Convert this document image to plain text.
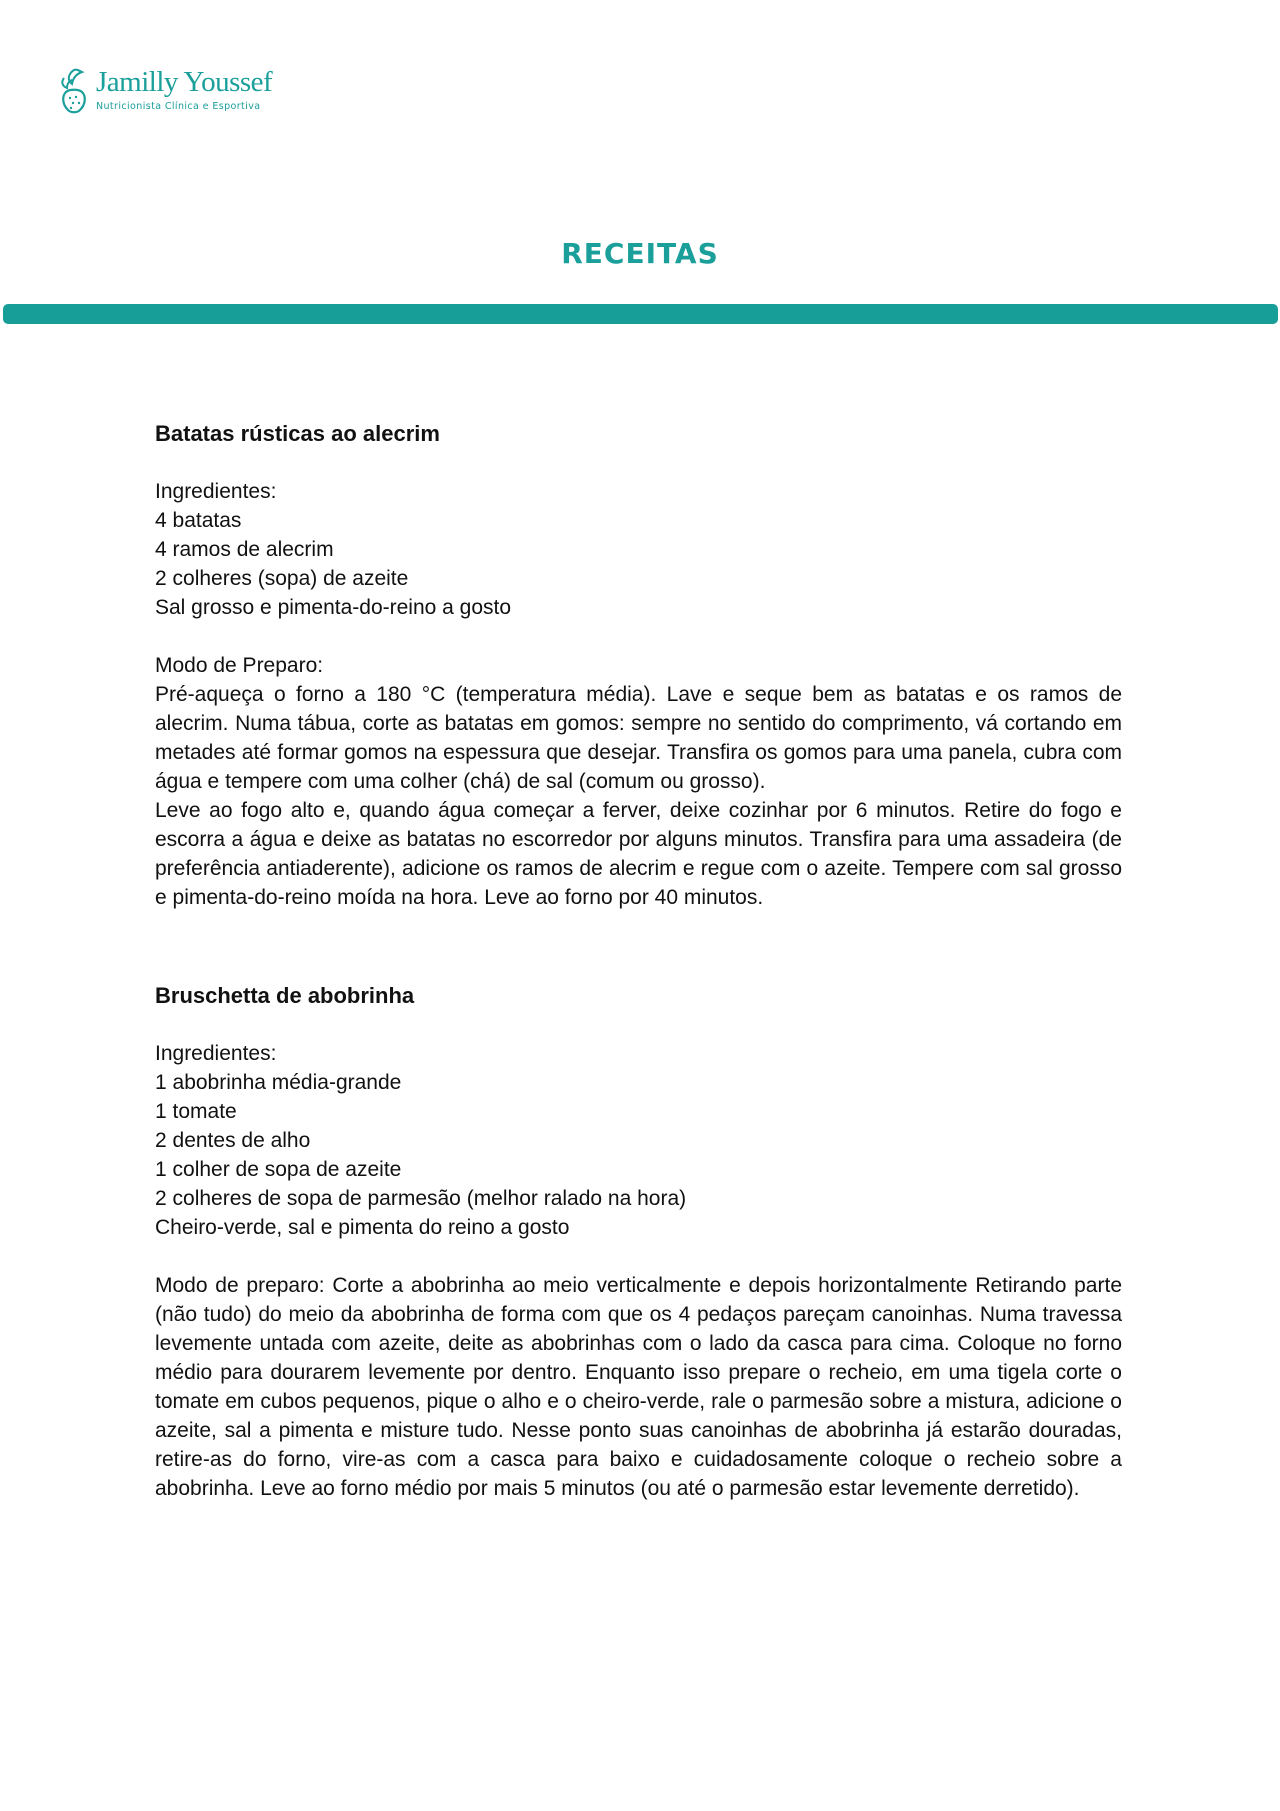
Jamilly Youssef
Nutricionista Clínica e Esportiva
RECEITAS
Batatas rústicas ao alecrim

Ingredientes:

4 batatas
4 ramos de alecrim
2 colheres (sopa) de azeite
Sal grosso e pimenta-do-reino a gosto

Modo de Preparo:

Pré-aqueça o forno a 180 °C (temperatura média). Lave e seque bem as batatas e os ramos de alecrim. Numa tábua, corte as batatas em gomos: sempre no sentido do comprimento, vá cortando em metades até formar gomos na espessura que desejar. Transfira os gomos para uma panela, cubra com água e tempere com uma colher (chá) de sal (comum ou grosso).

Leve ao fogo alto e, quando água começar a ferver, deixe cozinhar por 6 minutos. Retire do fogo e escorra a água e deixe as batatas no escorredor por alguns minutos. Transfira para uma assadeira (de preferência antiaderente), adicione os ramos de alecrim e regue com o azeite. Tempere com sal grosso e pimenta-do-reino moída na hora. Leve ao forno por 40 minutos.

Bruschetta de abobrinha

Ingredientes:

1 abobrinha média-grande
1 tomate
2 dentes de alho
1 colher de sopa de azeite
2 colheres de sopa de parmesão (melhor ralado na hora)
Cheiro-verde, sal e pimenta do reino a gosto

Modo de preparo: Corte a abobrinha ao meio verticalmente e depois horizontalmente Retirando parte (não tudo) do meio da abobrinha de forma com que os 4 pedaços pareçam canoinhas. Numa travessa levemente untada com azeite, deite as abobrinhas com o lado da casca para cima. Coloque no forno médio para dourarem levemente por dentro. Enquanto isso prepare o recheio, em uma tigela corte o tomate em cubos pequenos, pique o alho e o cheiro-verde, rale o parmesão sobre a mistura, adicione o azeite, sal a pimenta e misture tudo. Nesse ponto suas canoinhas de abobrinha já estarão douradas, retire-as do forno, vire-as com a casca para baixo e cuidadosamente coloque o recheio sobre a abobrinha. Leve ao forno médio por mais 5 minutos (ou até o parmesão estar levemente derretido).
